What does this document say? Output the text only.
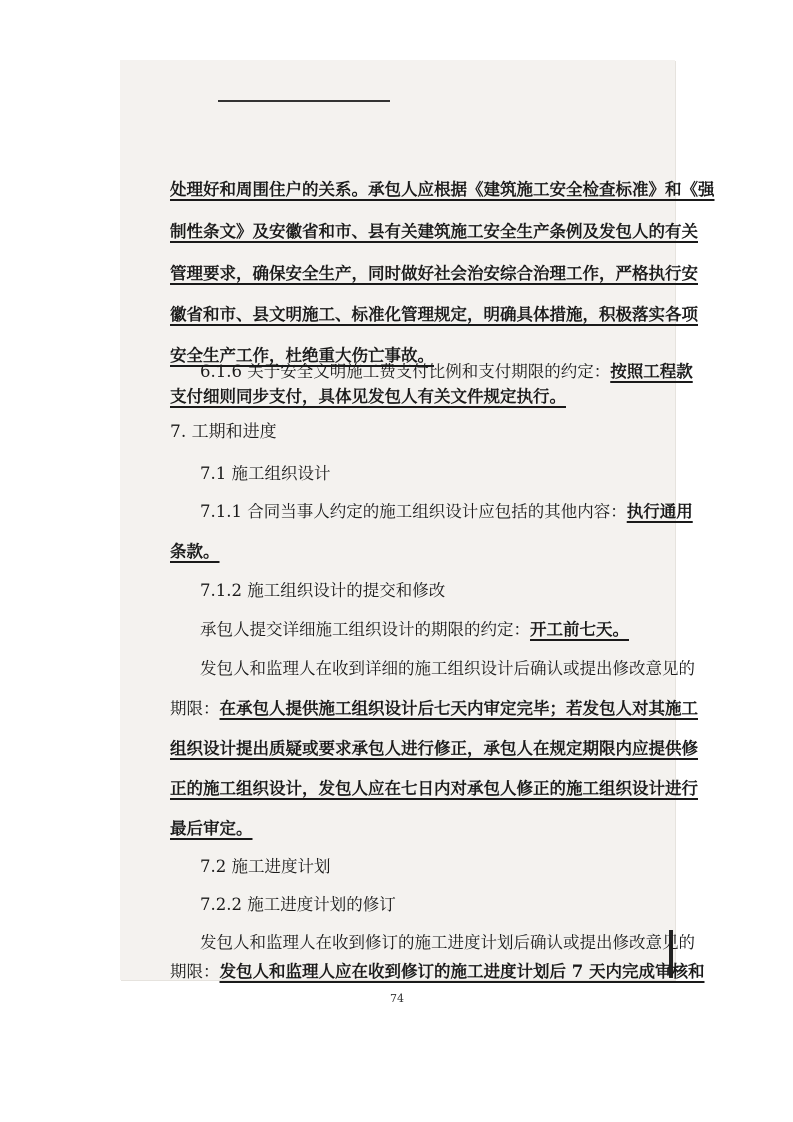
处理好和周围住户的关系。承包人应根据《建筑施工安全检查标准》和《强
制性条文》及安徽省和市、县有关建筑施工安全生产条例及发包人的有关
管理要求，确保安全生产，同时做好社会治安综合治理工作，严格执行安
徽省和市、县文明施工、标准化管理规定，明确具体措施，积极落实各项
安全生产工作，杜绝重大伤亡事故。
6.1.6 关于安全文明施工费支付比例和支付期限的约定：按照工程款
支付细则同步支付，具体见发包人有关文件规定执行。
7. 工期和进度
7.1 施工组织设计
7.1.1 合同当事人约定的施工组织设计应包括的其他内容：执行通用
条款。
7.1.2 施工组织设计的提交和修改
承包人提交详细施工组织设计的期限的约定：开工前七天。
发包人和监理人在收到详细的施工组织设计后确认或提出修改意见的
期限：在承包人提供施工组织设计后七天内审定完毕；若发包人对其施工
组织设计提出质疑或要求承包人进行修正，承包人在规定期限内应提供修
正的施工组织设计，发包人应在七日内对承包人修正的施工组织设计进行
最后审定。
7.2 施工进度计划
7.2.2 施工进度计划的修订
发包人和监理人在收到修订的施工进度计划后确认或提出修改意见的
期限：发包人和监理人应在收到修订的施工进度计划后 7 天内完成审核和
74
